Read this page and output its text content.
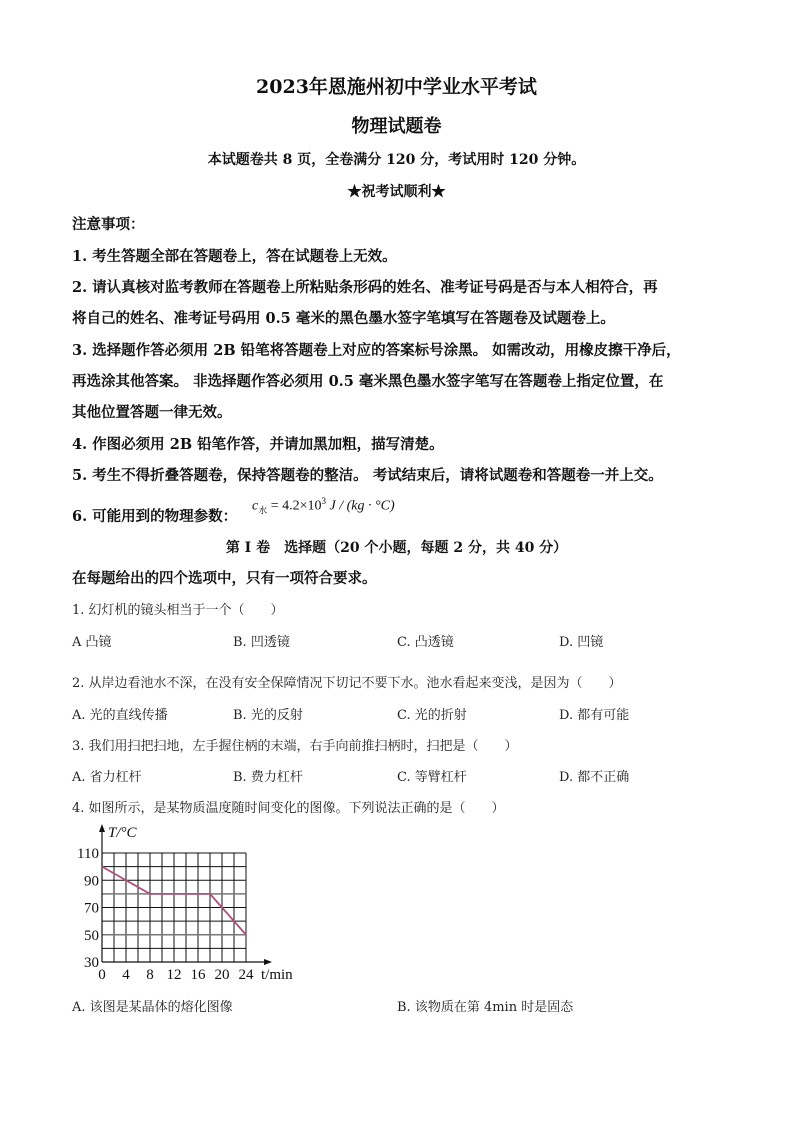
2023年恩施州初中学业水平考试
物理试题卷
本试题卷共 8 页，全卷满分 120 分，考试用时 120 分钟。
★祝考试顺利★
注意事项：
1. 考生答题全部在答题卷上，答在试题卷上无效。
2. 请认真核对监考教师在答题卷上所粘贴条形码的姓名、准考证号码是否与本人相符合，再
将自己的姓名、准考证号码用 0.5 毫米的黑色墨水签字笔填写在答题卷及试题卷上。
3. 选择题作答必须用 2B 铅笔将答题卷上对应的答案标号涂黑。 如需改动，用橡皮擦干净后，
再选涂其他答案。 非选择题作答必须用 0.5 毫米黑色墨水签字笔写在答题卷上指定位置，在
其他位置答题一律无效。
4. 作图必须用 2B 铅笔作答，并请加黑加粗，描写清楚。
5. 考生不得折叠答题卷，保持答题卷的整洁。 考试结束后，请将试题卷和答题卷一并上交。
6. 可能用到的物理参数：
$c_水 = 4.2\times 10^3$ J / (kg · °C)
第 I 卷　选择题（20 个小题，每题 2 分，共 40 分）
在每题给出的四个选项中，只有一项符合要求。
1. 幻灯机的镜头相当于一个（　　）
A 凸镜	B. 凹透镜	C. 凸透镜	D. 凹镜
2. 从岸边看池水不深，在没有安全保障情况下切记不要下水。池水看起来变浅，是因为（　　）
A. 光的直线传播	B. 光的反射	C. 光的折射	D. 都有可能
3. 我们用扫把扫地，左手握住柄的末端，右手向前推扫柄时，扫把是（　　）
A. 省力杠杆	B. 费力杠杆	C. 等臂杠杆	D. 都不正确
4. 如图所示，是某物质温度随时间变化的图像。下列说法正确的是（　　）
30
50
70
90
110
0 4 8 12 16 20 24
T/°C
t/min
A. 该图是某晶体的熔化图像	B. 该物质在第 4min 时是固态
